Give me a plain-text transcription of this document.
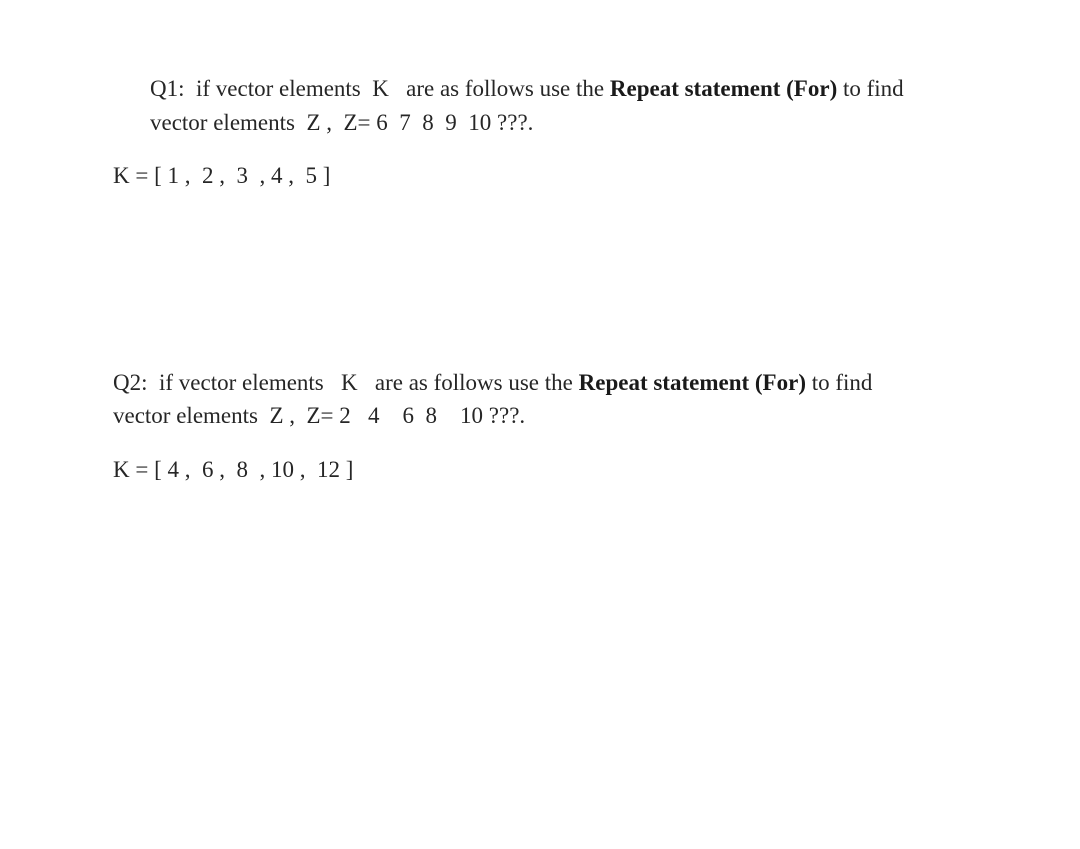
Q1:  if vector elements  K   are as follows use the Repeat statement (For) to find
vector elements  Z ,  Z= 6  7  8  9  10 ???.
K = [ 1 ,  2 ,  3  , 4 ,  5 ]
Q2:  if vector elements   K   are as follows use the Repeat statement (For) to find
vector elements  Z ,  Z= 2   4    6  8    10 ???.
K = [ 4 ,  6 ,  8  , 10 ,  12 ]
